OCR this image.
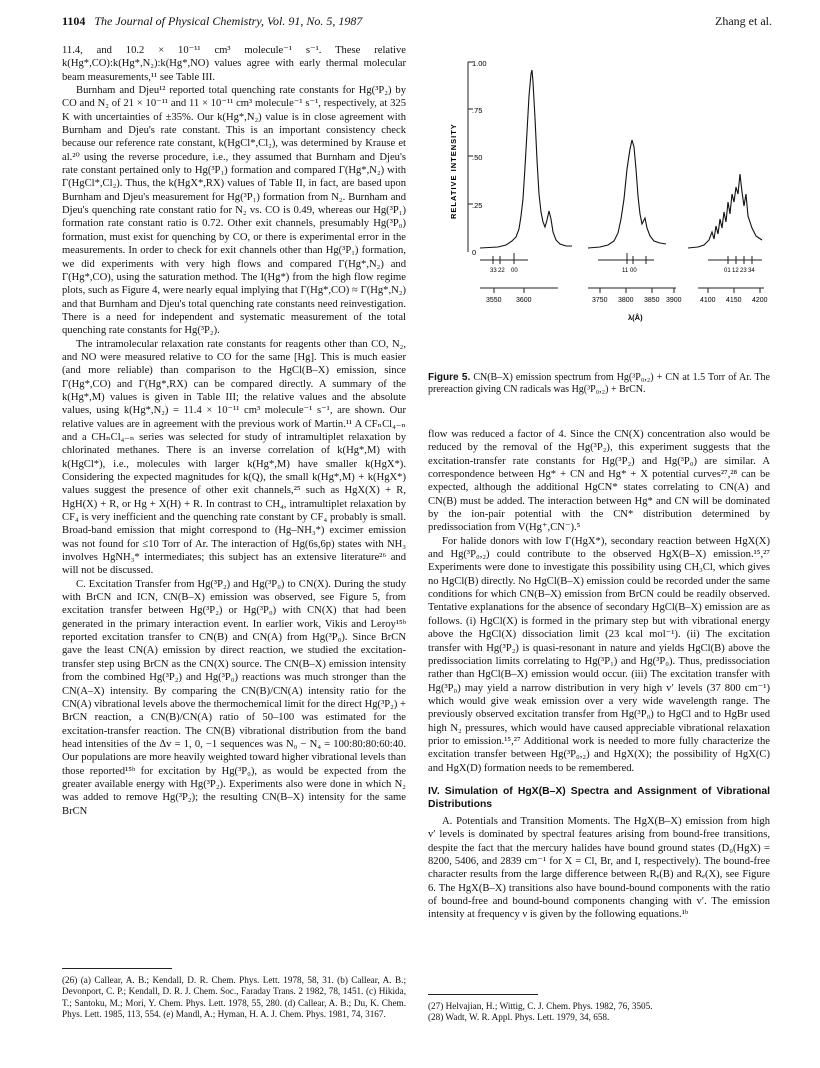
1104 The Journal of Physical Chemistry, Vol. 91, No. 5, 1987	Zhang et al.

11.4, and 10.2 × 10⁻¹¹ cm³ molecule⁻¹ s⁻¹. These relative k(Hg*,CO):k(Hg*,N₂):k(Hg*,NO) values agree with early thermal molecular beam measurements,¹¹ see Table III.

Burnham and Djeu¹² reported total quenching rate constants for Hg(³P₂) by CO and N₂ of 21 × 10⁻¹¹ and 11 × 10⁻¹¹ cm³ molecule⁻¹ s⁻¹, respectively, at 325 K with uncertainties of ±35%. Our k(Hg*,N₂) value is in close agreement with Burnham and Djeu's rate constant. This is an important consistency check because our reference rate constant, k(HgCl*,Cl₂), was determined by Krause et al.²⁰ using the reverse procedure, i.e., they assumed that Burnham and Djeu's rate constant pertained only to Hg(³P₁) formation and compared Γ(Hg*,N₂) with Γ(HgCl*,Cl₂). Thus, the k(HgX*,RX) values of Table II, in fact, are based upon Burnham and Djeu's measurement for Hg(³P₁) formation from N₂. Burnham and Djeu's quenching rate constant ratio for N₂ vs. CO is 0.49, whereas our Hg(³P₁) formation rate constant ratio is 0.72. Other exit channels, presumably Hg(³P₀) formation, must exist for quenching by CO, or there is experimental error in the measurements. In order to check for exit channels other than Hg(³P₁) formation, we did experiments with very high flows and compared Γ(Hg*,N₂) and Γ(Hg*,CO), using the saturation method. The I(Hg*) from the high flow regime plots, such as Figure 4, were nearly equal implying that Γ(Hg*,CO) ≈ Γ(Hg*,N₂) and that Burnham and Djeu's total quenching rate constants need reinvestigation. There is a need for independent and systematic measurement of the total quenching rate constants for Hg(³P₂).

The intramolecular relaxation rate constants for reagents other than CO, N₂, and NO were measured relative to CO for the same [Hg]. This is much easier (and more reliable) than comparison to the HgCl(B–X) emission, since Γ(Hg*,CO) and Γ(Hg*,RX) can be compared directly. A summary of the k(Hg*,M) values is given in Table III; the relative values and the absolute values, using k(Hg*,N₂) = 11.4 × 10⁻¹¹ cm³ molecule⁻¹ s⁻¹, are shown. Our relative values are in agreement with the previous work of Martin.¹¹ A CFₙCl₄₋ₙ and a CHₙCl₄₋ₙ series was selected for study of intramultiplet relaxation by chlorinated methanes. There is an inverse correlation of k(Hg*,M) with k(HgCl*), i.e., molecules with larger k(Hg*,M) have smaller k(HgX*). Considering the expected magnitudes for k(Q), the small k(Hg*,M) + k(HgX*) values suggest the presence of other exit channels,²⁵ such as HgX(X) + R, HgH(X) + R, or Hg + X(H) + R. In contrast to CH₄, intramultiplet relaxation by CF₄ is very inefficient and the quenching rate constant by CF₄ probably is small. Broad-band emission that might correspond to (Hg–NH₃*) excimer emission was not found for ≤10 Torr of Ar. The interaction of Hg(6s,6p) states with NH₃ involves HgNH₃* intermediates; this subject has an extensive literature²⁶ and will not be discussed.

C. Excitation Transfer from Hg(³P₂) and Hg(³P₀) to CN(X). During the study with BrCN and ICN, CN(B–X) emission was observed, see Figure 5, from excitation transfer between Hg(³P₂) or Hg(³P₀) with CN(X) that had been generated in the primary interaction event. In earlier work, Vikis and Leroy¹⁵ᵇ reported excitation transfer to CN(B) and CN(A) from Hg(³P₀). Since BrCN gave the least CN(A) emission by direct reaction, we studied the excitation-transfer step using BrCN as the CN(X) source. The CN(B–X) emission intensity from the combined Hg(³P₂) and Hg(³P₀) reactions was much stronger than the CN(A–X) intensity. By comparing the CN(B)/CN(A) intensity ratio for the CN(A) vibrational levels above the thermochemical limit for the direct Hg(³P₂) + BrCN reaction, a CN(B)/CN(A) ratio of 50–100 was estimated for the excitation-transfer reaction. The CN(B) vibrational distribution from the band head intensities of the Δv = 1, 0, −1 sequences was N₀ − N₄ = 100:80:80:60:40. Our populations are more heavily weighted toward higher vibrational levels than those reported¹⁵ᵇ for excitation by Hg(³P₀), as would be expected from the greater available energy with Hg(³P₂). Experiments also were done in which N₂ was added to remove Hg(³P₂); the resulting CN(B–X) intensity for the same BrCN

(26) (a) Callear, A. B.; Kendall, D. R. Chem. Phys. Lett. 1978, 58, 31. (b) Callear, A. B.; Devonport, C. P.; Kendall, D. R. J. Chem. Soc., Faraday Trans. 2 1982, 78, 1451. (c) Hikida, T.; Santoku, M.; Mori, Y. Chem. Phys. Lett. 1978, 55, 280. (d) Callear, A. B.; Du, K. Chem. Phys. Lett. 1985, 113, 554. (e) Mandl, A.; Hyman, H. A. J. Chem. Phys. 1981, 74, 3167.
1.00
.75
.50
.25
0
RELATIVE INTENSITY
33 22 00	11 00	01 12 23 34
3550 3600	3750 3800 3850 3900	4100 4150 4200
λ(Å)
Figure 5. CN(B–X) emission spectrum from Hg(³P₀,₂) + CN at 1.5 Torr of Ar. The prereaction giving CN radicals was Hg(³P₀,₂) + BrCN.

flow was reduced a factor of 4. Since the CN(X) concentration also would be reduced by the removal of the Hg(³P₂), this experiment suggests that the excitation-transfer rate constants for Hg(³P₂) and Hg(³P₀) are similar. A correspondence between Hg* + CN and Hg* + X potential curves²⁷,²⁸ can be expected, although the additional HgCN* states correlating to CN(A) and CN(B) must be added. The interaction between Hg* and CN will be dominated by the ion-pair potential with the CN* distribution determined by predissociation from V(Hg⁺,CN⁻).⁵

For halide donors with low Γ(HgX*), secondary reaction between HgX(X) and Hg(³P₀,₂) could contribute to the observed HgX(B–X) emission.¹⁵,²⁷ Experiments were done to investigate this possibility using CH₃Cl, which gives no HgCl(B) directly. No HgCl(B–X) emission could be recorded under the same conditions for which CN(B–X) emission from BrCN could be readily observed. Tentative explanations for the absence of secondary HgCl(B–X) emission are as follows. (i) HgCl(X) is formed in the primary step but with vibrational energy above the HgCl(X) dissociation limit (23 kcal mol⁻¹). (ii) The excitation transfer with Hg(³P₂) is quasi-resonant in nature and yields HgCl(B) above the predissociation limits correlating to Hg(³P₁) and Hg(³P₀). Thus, predissociation rather than HgCl(B–X) emission would occur. (iii) The excitation transfer with Hg(³P₀) may yield a narrow distribution in very high v′ levels (37 800 cm⁻¹) which would give weak emission over a very wide wavelength range. The previously observed excitation transfer from Hg(³P₀) to HgCl and to HgBr used high N₂ pressures, which would have caused appreciable vibrational relaxation prior to emission.¹⁵,²⁷ Additional work is needed to more fully characterize the excitation transfer between Hg(³P₀,₂) and HgX(X); the possibility of HgX(C) and HgX(D) formation needs to be remembered.

IV. Simulation of HgX(B–X) Spectra and Assignment of Vibrational Distributions

A. Potentials and Transition Moments. The HgX(B–X) emission from high v′ levels is dominated by spectral features arising from bound-free transitions, despite the fact that the mercury halides have bound ground states (D₀(HgX) = 8200, 5406, and 2839 cm⁻¹ for X = Cl, Br, and I, respectively). The bound-free character results from the large difference between Rₑ(B) and Rₑ(X), see Figure 6. The HgX(B–X) transitions also have bound-bound components with the ratio of bound-free and bound-bound components changing with v′. The emission intensity at frequency ν is given by the following equations.¹ᵇ

(27) Helvajian, H.; Wittig, C. J. Chem. Phys. 1982, 76, 3505.
(28) Wadt, W. R. Appl. Phys. Lett. 1979, 34, 658.
